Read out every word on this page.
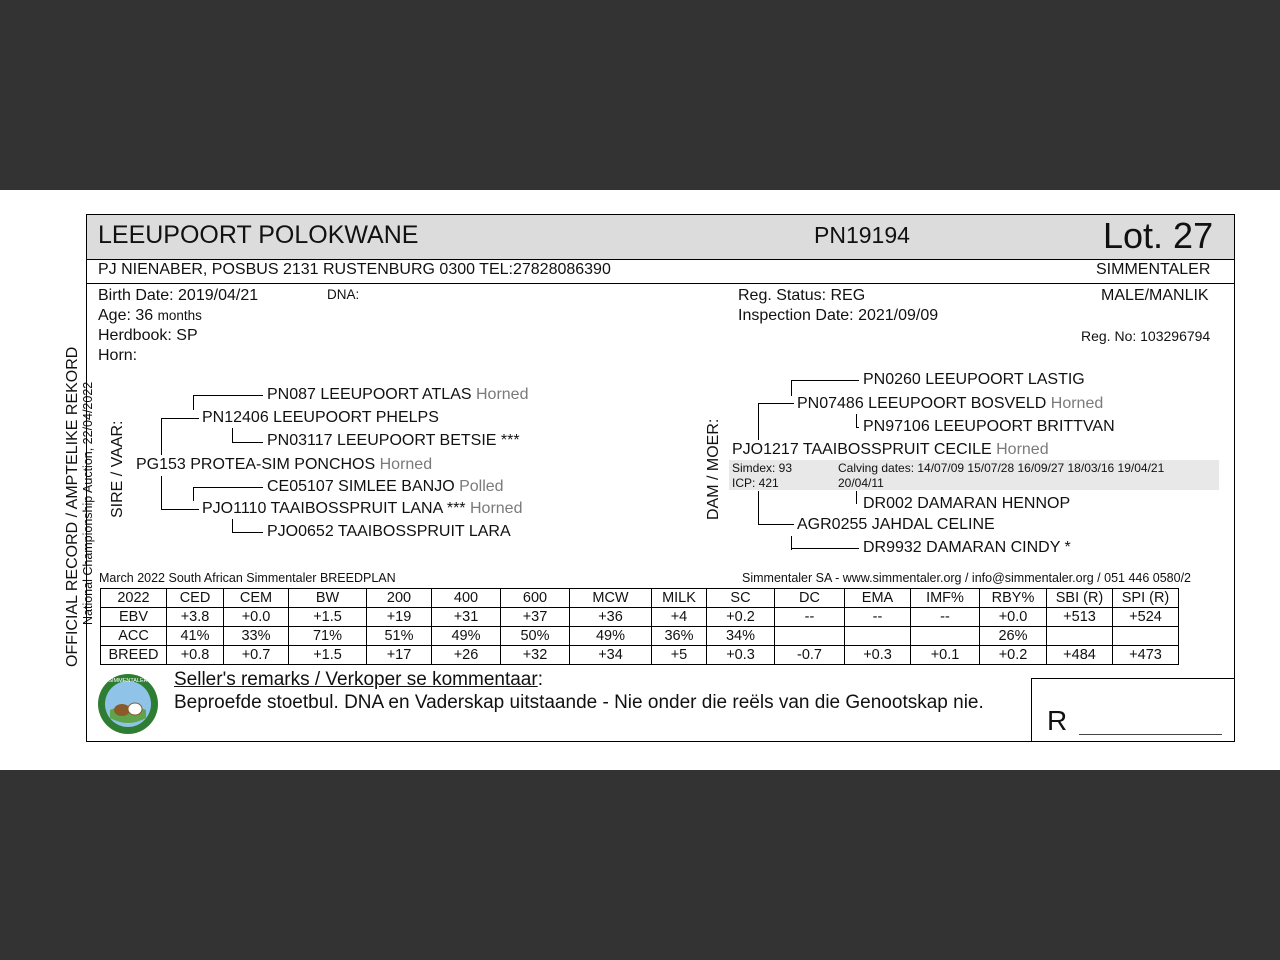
OFFICIAL RECORD / AMPTELIKE REKORD National Championship Auction, 22/04/2022
LEEUPOORT POLOKWANE	PN19194	Lot. 27
PJ NIENABER, POSBUS 2131 RUSTENBURG 0300 TEL:27828086390	SIMMENTALER
Birth Date: 2019/04/21	DNA:
Age: 36 months
Herdbook: SP
Horn:
Reg. Status: REG
Inspection Date: 2021/09/09
MALE/MANLIK
Reg. No: 103296794
SIRE / VAAR:
PN087 LEEUPOORT ATLAS Horned
PN12406 LEEUPOORT PHELPS
PN03117 LEEUPOORT BETSIE ***
PG153 PROTEA-SIM PONCHOS Horned
CE05107 SIMLEE BANJO Polled
PJO1110 TAAIBOSSPRUIT LANA *** Horned
PJO0652 TAAIBOSSPRUIT LARA
DAM / MOER:
PN0260 LEEUPOORT LASTIG
PN07486 LEEUPOORT BOSVELD Horned
PN97106 LEEUPOORT BRITTVAN
PJO1217 TAAIBOSSPRUIT CECILE Horned
Simdex: 93
ICP: 421
Calving dates: 14/07/09 15/07/28 16/09/27 18/03/16 19/04/21
20/04/11
DR002 DAMARAN HENNOP
AGR0255 JAHDAL CELINE
DR9932 DAMARAN CINDY *
March 2022 South African Simmentaler BREEDPLAN	Simmentaler SA - www.simmentaler.org / info@simmentaler.org / 051 446 0580/2
2022	CED	CEM	BW	200	400	600	MCW	MILK	SC	DC	EMA	IMF%	RBY%	SBI (R)	SPI (R)
EBV	+3.8	+0.0	+1.5	+19	+31	+37	+36	+4	+0.2	--	--	--	+0.0	+513	+524
ACC	41%	33%	71%	51%	49%	50%	49%	36%	34%				26%		
BREED	+0.8	+0.7	+1.5	+17	+26	+32	+34	+5	+0.3	-0.7	+0.3	+0.1	+0.2	+484	+473
SIMMENTALER Seller's remarks / Verkoper se kommentaar:
Beproefde stoetbul. DNA en Vaderskap uitstaande - Nie onder die reëls van die Genootskap nie.
R
